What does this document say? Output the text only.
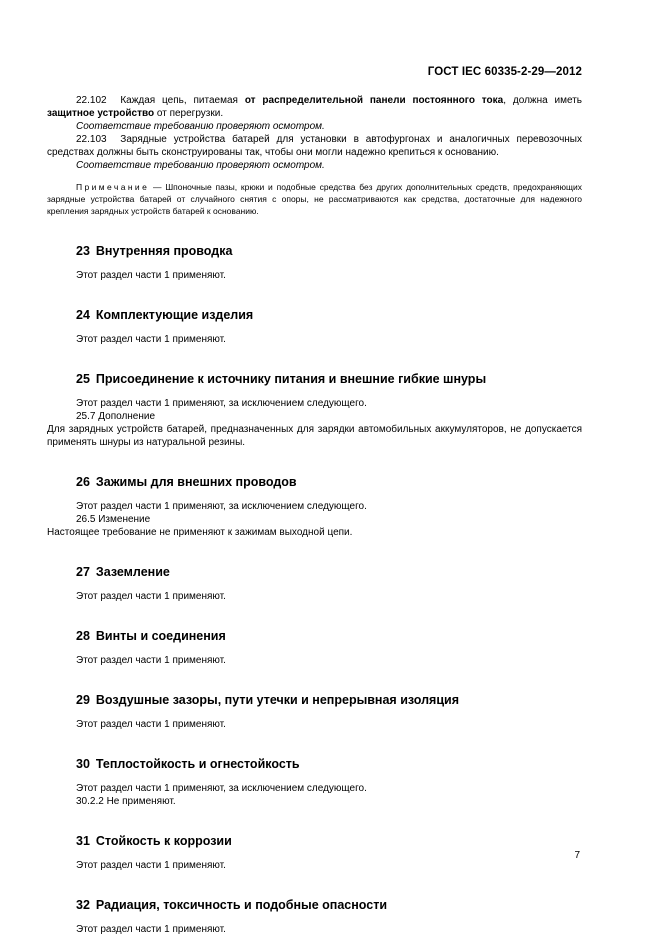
ГОСТ IEC 60335-2-29—2012

22.102 Каждая цепь, питаемая от распределительной панели постоянного тока, должна иметь защитное устройство от перегрузки.

Соответствие требованию проверяют осмотром.

22.103 Зарядные устройства батарей для установки в автофургонах и аналогичных перевозочных средствах должны быть сконструированы так, чтобы они могли надежно крепиться к основанию.

Соответствие требованию проверяют осмотром.

Примечание — Шпоночные пазы, крюки и подобные средства без других дополнительных средств, предохраняющих зарядные устройства батарей от случайного снятия с опоры, не рассматриваются как средства, достаточные для надежного крепления зарядных устройств батарей к основанию.

23 Внутренняя проводка

Этот раздел части 1 применяют.

24 Комплектующие изделия

Этот раздел части 1 применяют.

25 Присоединение к источнику питания и внешние гибкие шнуры

Этот раздел части 1 применяют, за исключением следующего.

25.7 Дополнение

Для зарядных устройств батарей, предназначенных для зарядки автомобильных аккумуляторов, не допускается применять шнуры из натуральной резины.

26 Зажимы для внешних проводов

Этот раздел части 1 применяют, за исключением следующего.

26.5 Изменение

Настоящее требование не применяют к зажимам выходной цепи.

27 Заземление

Этот раздел части 1 применяют.

28 Винты и соединения

Этот раздел части 1 применяют.

29 Воздушные зазоры, пути утечки и непрерывная изоляция

Этот раздел части 1 применяют.

30 Теплостойкость и огнестойкость

Этот раздел части 1 применяют, за исключением следующего.

30.2.2 Не применяют.

31 Стойкость к коррозии

Этот раздел части 1 применяют.

32 Радиация, токсичность и подобные опасности

Этот раздел части 1 применяют.

7
